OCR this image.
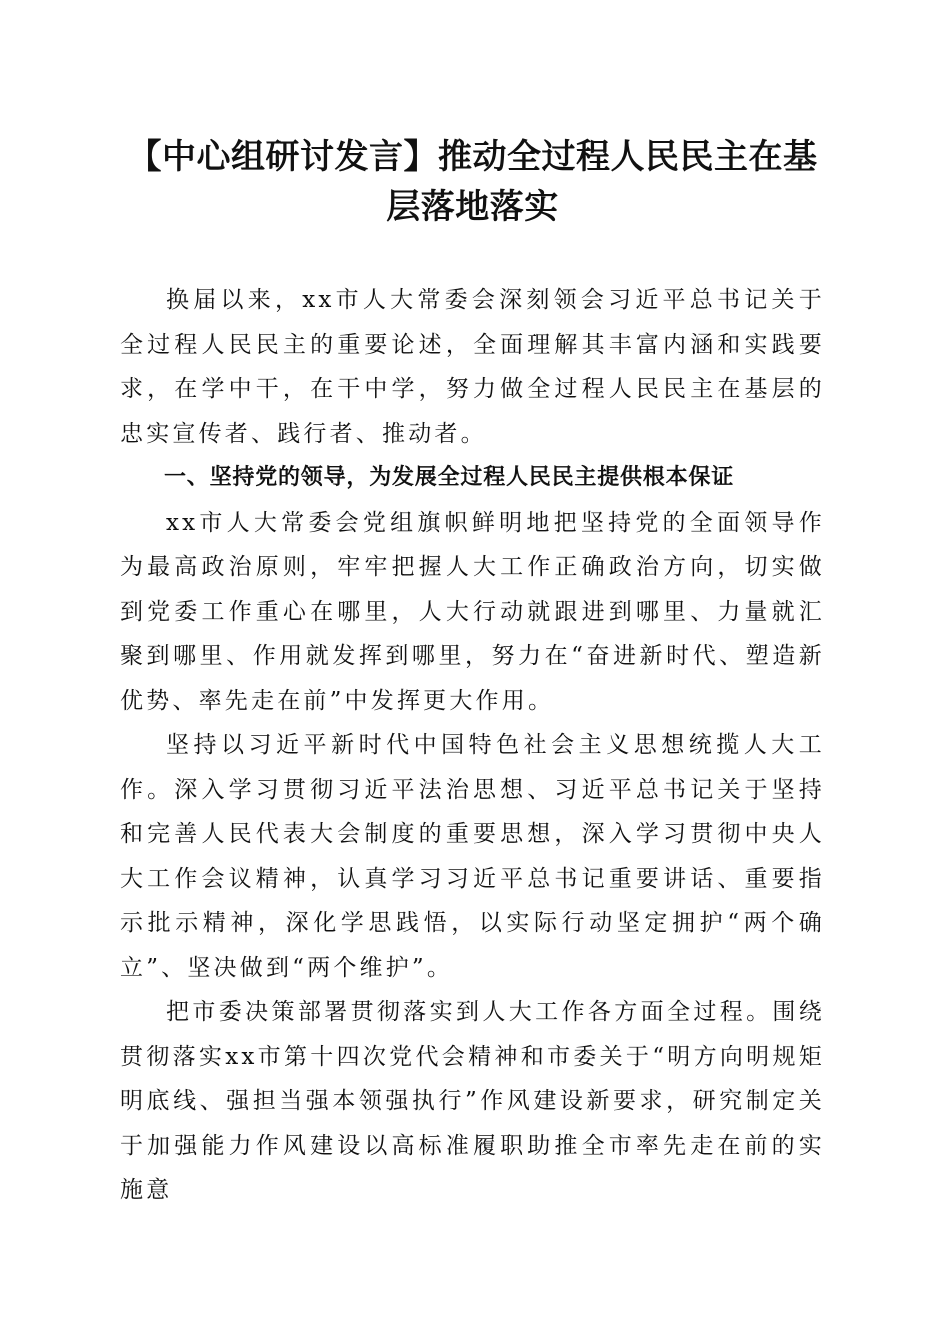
【中心组研讨发言】推动全过程人民民主在基
层落地落实

换届以来，xx市人大常委会深刻领会习近平总书记关于全过程人民民主的重要论述，全面理解其丰富内涵和实践要求，在学中干，在干中学，努力做全过程人民民主在基层的忠实宣传者、践行者、推动者。

一、坚持党的领导，为发展全过程人民民主提供根本保证

xx市人大常委会党组旗帜鲜明地把坚持党的全面领导作为最高政治原则，牢牢把握人大工作正确政治方向，切实做到党委工作重心在哪里，人大行动就跟进到哪里、力量就汇聚到哪里、作用就发挥到哪里，努力在“奋进新时代、塑造新优势、率先走在前”中发挥更大作用。

坚持以习近平新时代中国特色社会主义思想统揽人大工作。深入学习贯彻习近平法治思想、习近平总书记关于坚持和完善人民代表大会制度的重要思想，深入学习贯彻中央人大工作会议精神，认真学习习近平总书记重要讲话、重要指示批示精神，深化学思践悟，以实际行动坚定拥护“两个确立”、坚决做到“两个维护”。

把市委决策部署贯彻落实到人大工作各方面全过程。围绕贯彻落实xx市第十四次党代会精神和市委关于“明方向明规矩明底线、强担当强本领强执行”作风建设新要求，研究制定关于加强能力作风建设以高标准履职助推全市率先走在前的实施意
